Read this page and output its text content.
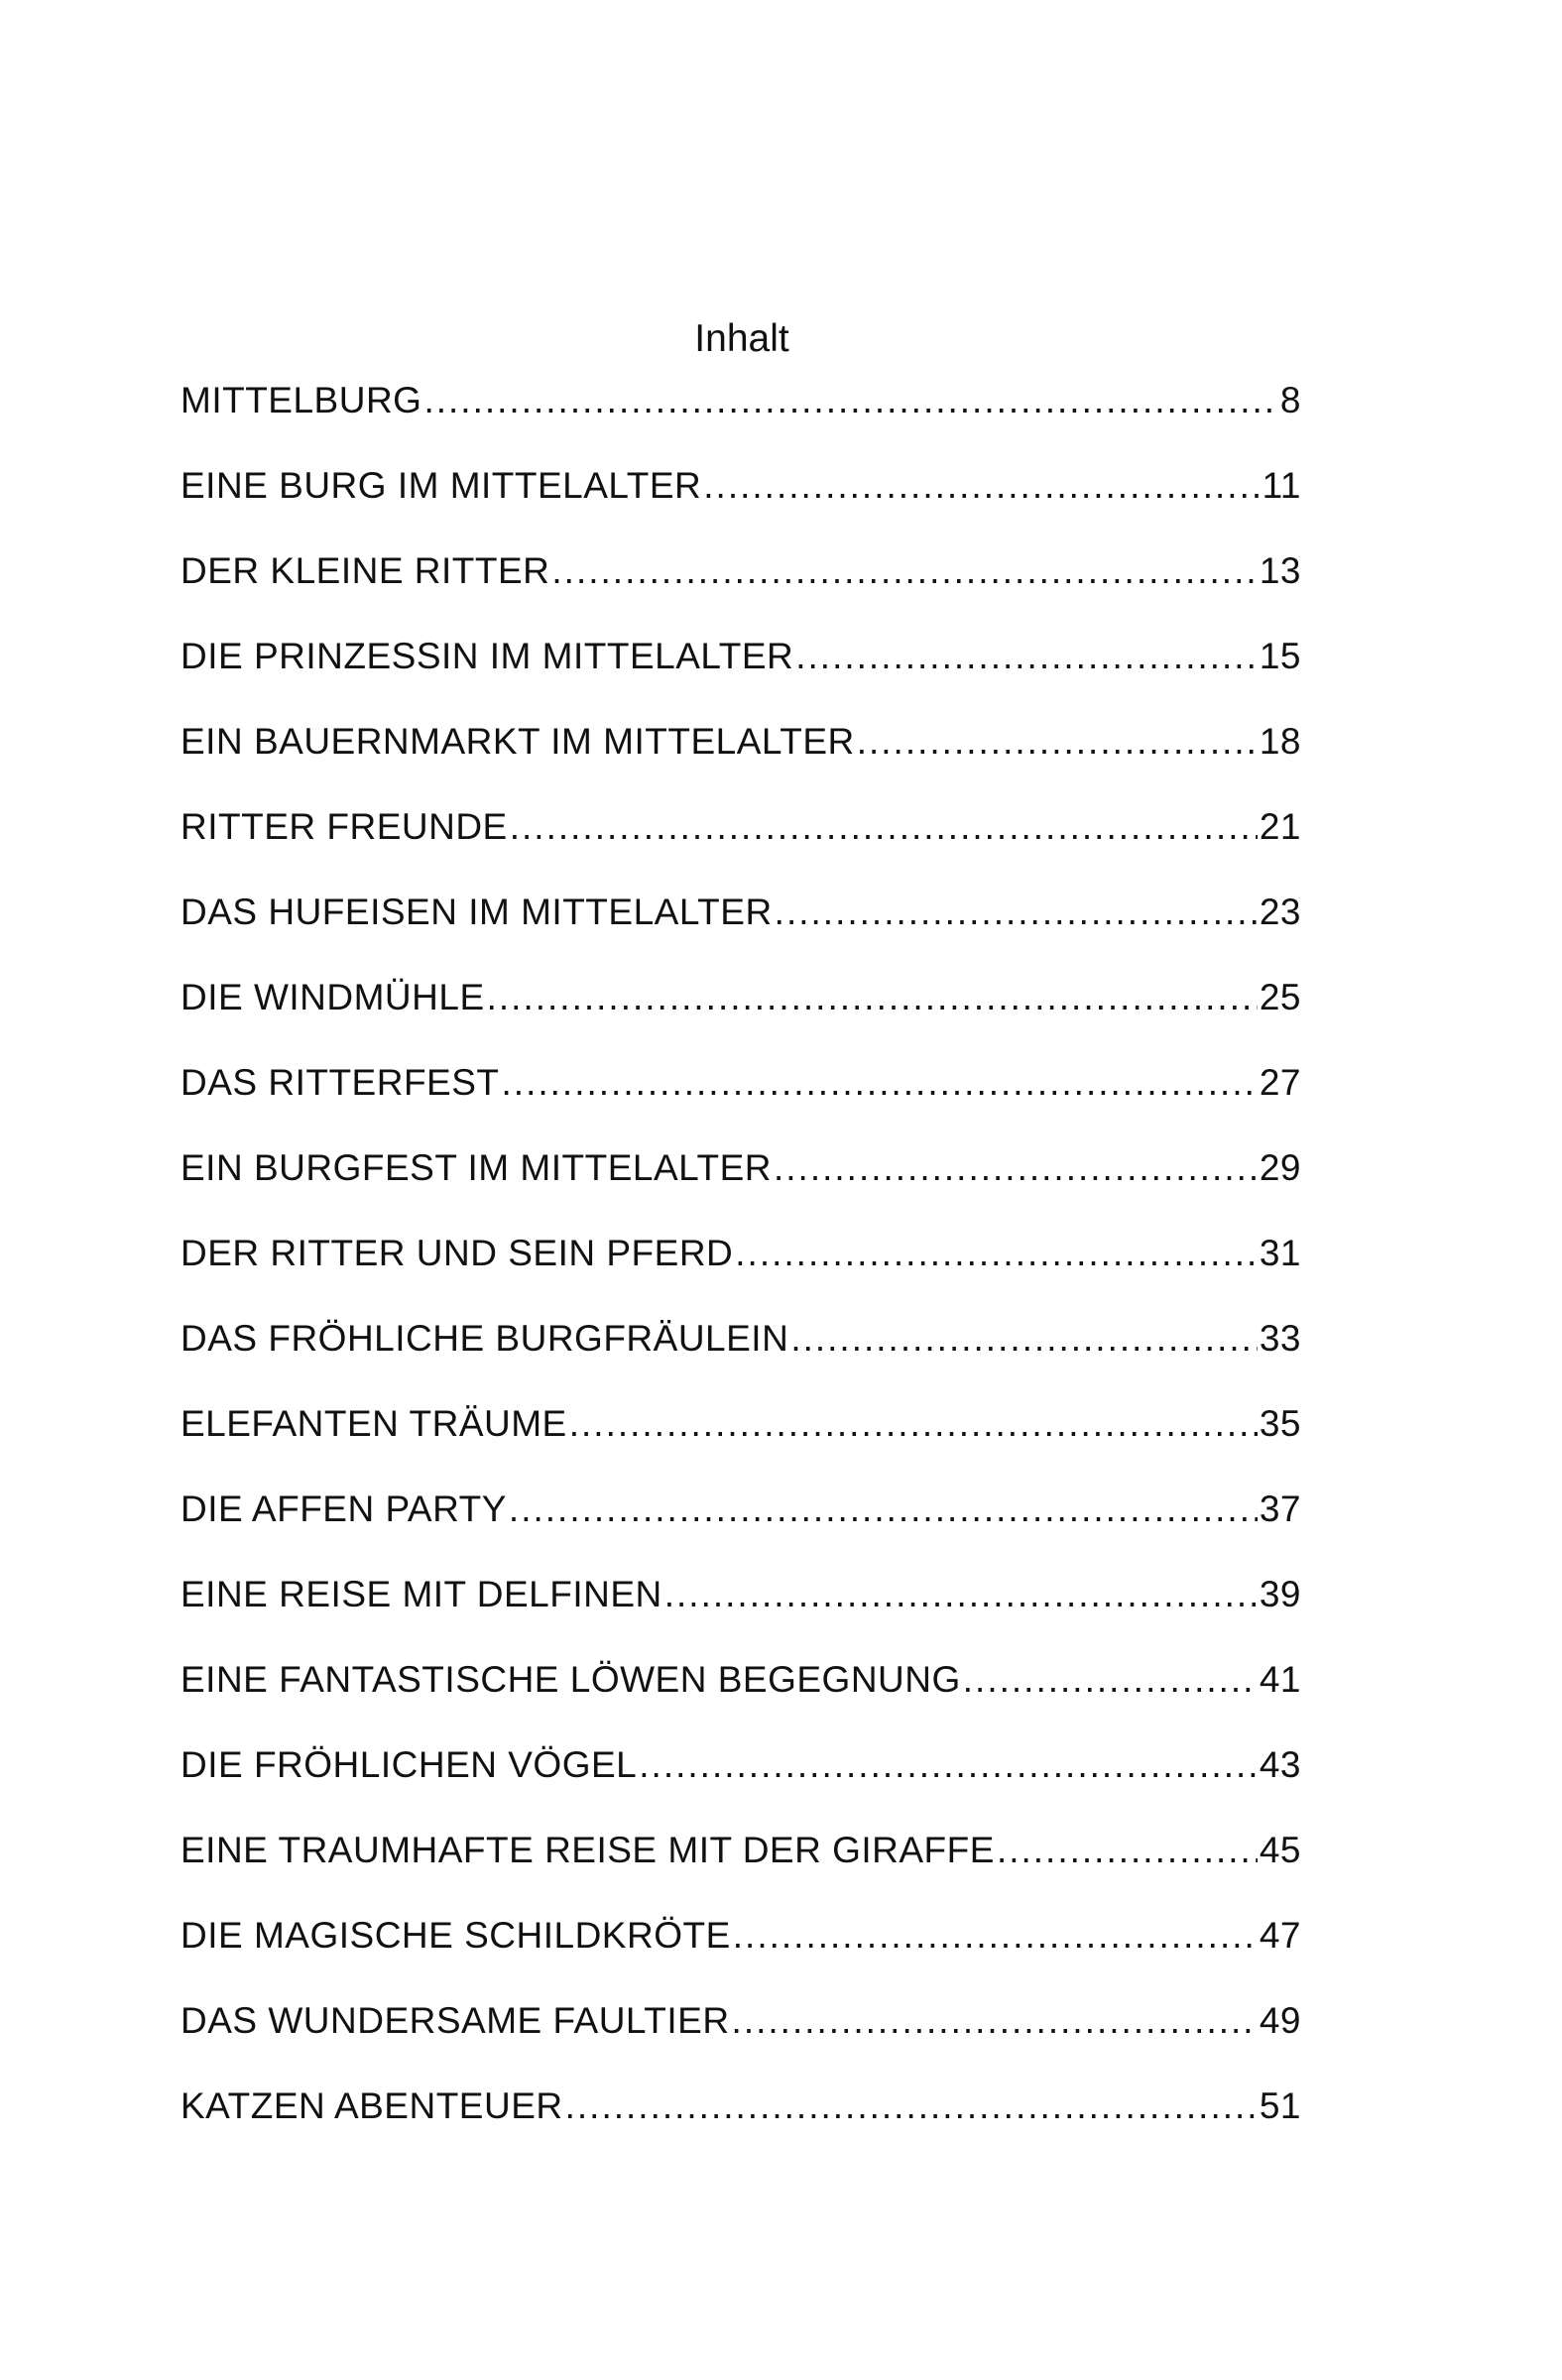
Inhalt
MITTELBURG .....	8
EINE BURG IM MITTELALTER .....	11
DER KLEINE RITTER .....	13
DIE PRINZESSIN IM MITTELALTER .....	15
EIN BAUERNMARKT IM MITTELALTER .....	18
RITTER FREUNDE .....	21
DAS HUFEISEN IM MITTELALTER .....	23
DIE WINDMÜHLE .....	25
DAS RITTERFEST .....	27
EIN BURGFEST IM MITTELALTER .....	29
DER RITTER UND SEIN PFERD .....	31
DAS FRÖHLICHE BURGFRÄULEIN .....	33
ELEFANTEN TRÄUME .....	35
DIE AFFEN PARTY .....	37
EINE REISE MIT DELFINEN .....	39
EINE FANTASTISCHE LÖWEN BEGEGNUNG .....	41
DIE FRÖHLICHEN VÖGEL .....	43
EINE TRAUMHAFTE REISE MIT DER GIRAFFE .....	45
DIE MAGISCHE SCHILDKRÖTE .....	47
DAS WUNDERSAME FAULTIER .....	49
KATZEN ABENTEUER .....	51
